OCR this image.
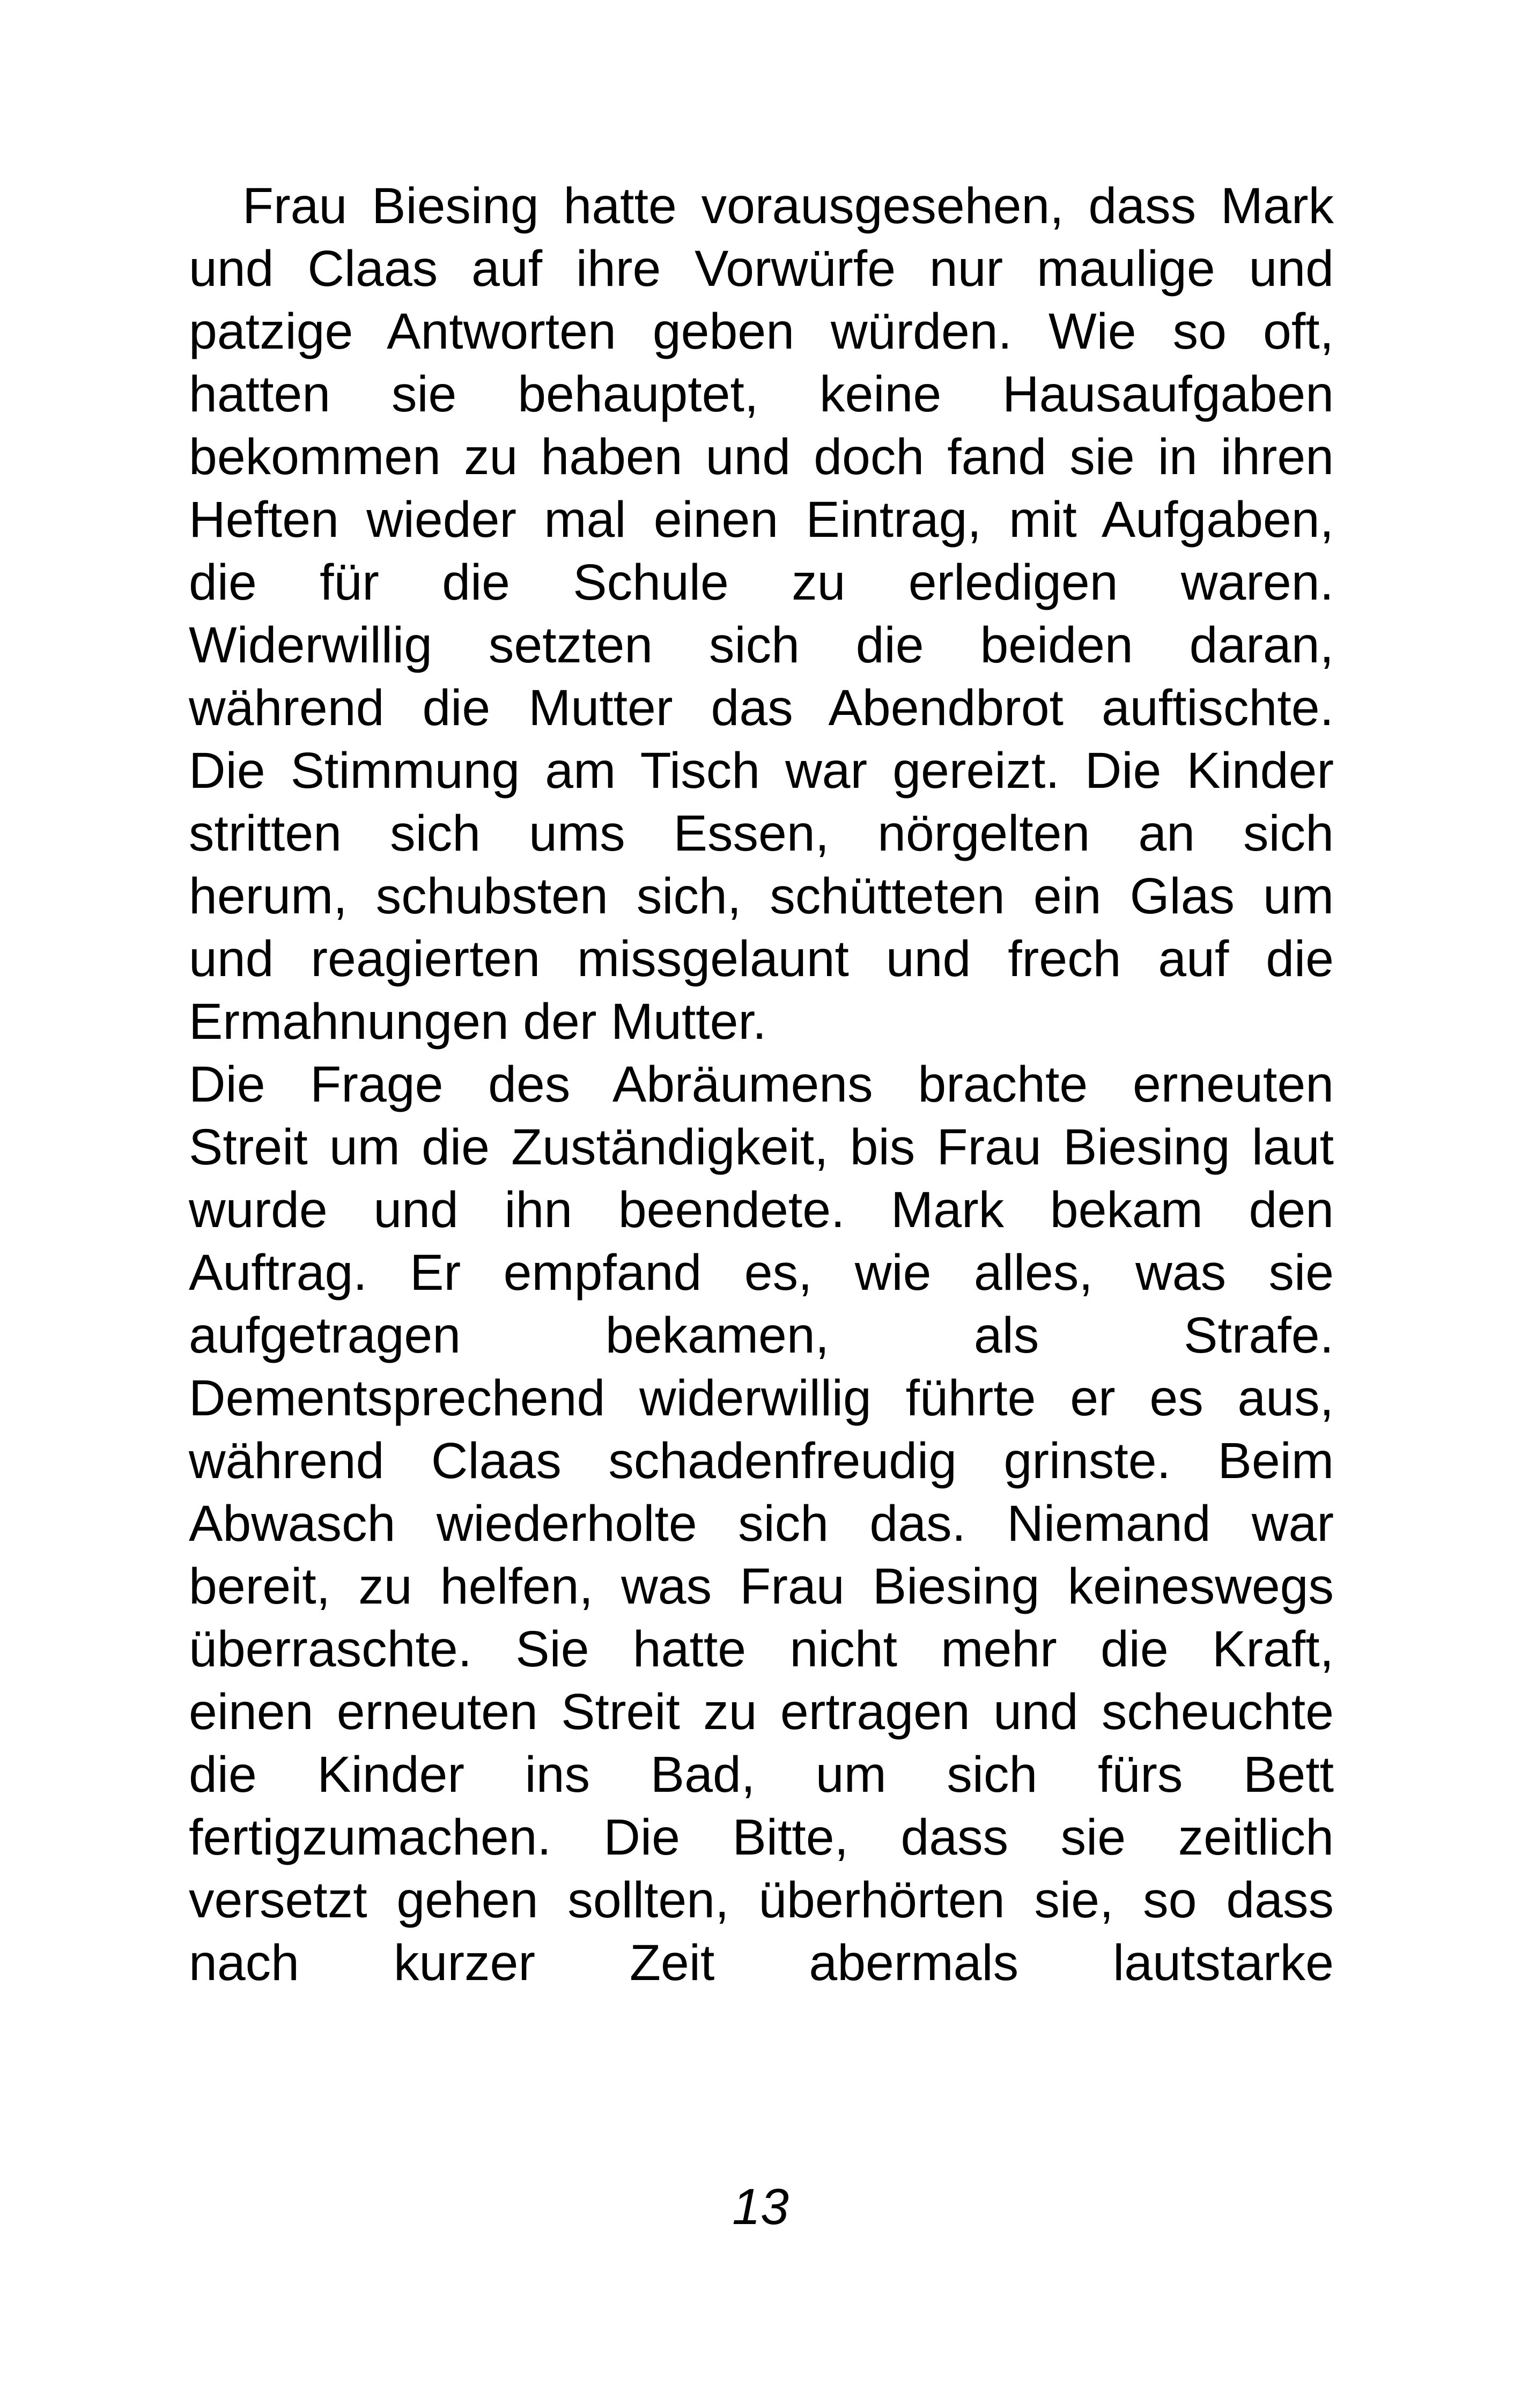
Frau Biesing hatte vorausgesehen, dass Mark
und Claas auf ihre Vorwürfe nur maulige und
patzige Antworten geben würden. Wie so oft,
hatten sie behauptet, keine Hausaufgaben
bekommen zu haben und doch fand sie in ihren
Heften wieder mal einen Eintrag, mit Aufgaben,
die für die Schule zu erledigen waren.
Widerwillig setzten sich die beiden daran,
während die Mutter das Abendbrot auftischte.
Die Stimmung am Tisch war gereizt. Die Kinder
stritten sich ums Essen, nörgelten an sich
herum, schubsten sich, schütteten ein Glas um
und reagierten missgelaunt und frech auf die
Ermahnungen der Mutter.
Die Frage des Abräumens brachte erneuten
Streit um die Zuständigkeit, bis Frau Biesing laut
wurde und ihn beendete. Mark bekam den
Auftrag. Er empfand es, wie alles, was sie
aufgetragen bekamen, als Strafe.
Dementsprechend widerwillig führte er es aus,
während Claas schadenfreudig grinste. Beim
Abwasch wiederholte sich das. Niemand war
bereit, zu helfen, was Frau Biesing keineswegs
überraschte. Sie hatte nicht mehr die Kraft,
einen erneuten Streit zu ertragen und scheuchte
die Kinder ins Bad, um sich fürs Bett
fertigzumachen. Die Bitte, dass sie zeitlich
versetzt gehen sollten, überhörten sie, so dass
nach kurzer Zeit abermals lautstarke
13
